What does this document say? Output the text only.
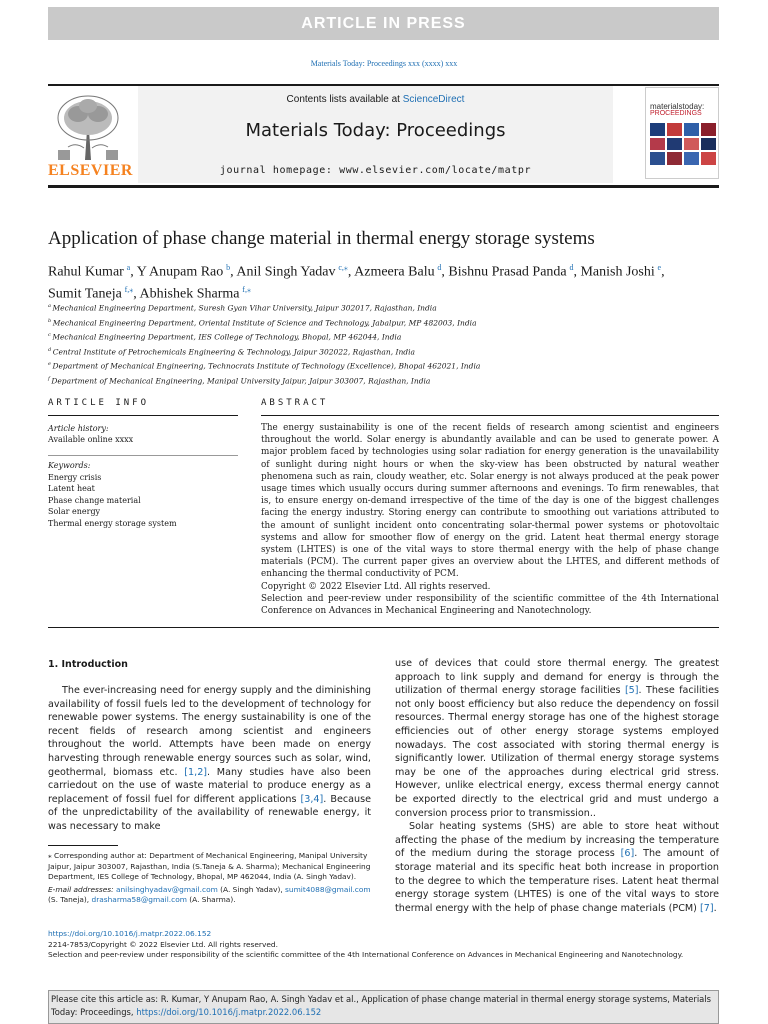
ARTICLE IN PRESS
Materials Today: Proceedings xxx (xxxx) xxx
ELSEVIER
Contents lists available at ScienceDirect
Materials Today: Proceedings
journal homepage: www.elsevier.com/locate/matpr
materialstoday:
PROCEEDINGS
Application of phase change material in thermal energy storage systems
Rahul Kumar  $^a$, Y Anupam Rao  $^b$, Anil Singh Yadav  $^{c,⁎}$, Azmeera Balu  $^d$, Bishnu Prasad Panda  $^d$, Manish Joshi  $^e$,
Sumit Taneja  $^{f,⁎}$, Abhishek Sharma  $^{f,⁎}$
$^a$  Mechanical Engineering Department, Suresh Gyan Vihar University, Jaipur 302017, Rajasthan, India
$^b$  Mechanical Engineering Department, Oriental Institute of Science and Technology, Jabalpur, MP 482003, India
$^c$  Mechanical Engineering Department, IES College of Technology, Bhopal, MP 462044, India
$^d$  Central Institute of Petrochemicals Engineering & Technology, Jaipur 302022, Rajasthan, India
$^e$  Department of Mechanical Engineering, Technocrats Institute of Technology (Excellence), Bhopal 462021, India
$^f$  Department of Mechanical Engineering, Manipal University Jaipur, Jaipur 303007, Rajasthan, India
ARTICLE INFO	ABSTRACT
Article history:
Available online xxxx
Keywords:
Energy crisis
Latent heat
Phase change material
Solar energy
Thermal energy storage system

The energy sustainability is one of the recent fields of research among scientist and engineers throughout the world. Solar energy is abundantly available and can be used to generate power. A major problem faced by technologies using solar radiation for energy generation is the unavailability of sunlight during night hours or when the sky-view has been obstructed by natural weather phenomena such as rain, cloudy weather, etc. Solar energy is not always produced at the peak power usage times which usually occurs during summer afternoons and evenings. To firm renewables, that is, to ensure energy on-demand irrespective of the time of the day is one of the biggest challenges facing the energy industry. Storing energy can contribute to smoothing out variations attributed to the amount of sunlight incident onto concentrating solar-thermal power systems or photovoltaic systems and allow for smoother flow of energy on the grid. Latent heat thermal energy storage system (LHTES) is one of the vital ways to store thermal energy with the help of phase change materials (PCM). The current paper gives an overview about the LHTES, and different methods of enhancing the thermal conductivity of PCM.

Copyright © 2022 Elsevier Ltd. All rights reserved.

Selection and peer-review under responsibility of the scientific committee of the 4th International Conference on Advances in Mechanical Engineering and Nanotechnology.

1. Introduction

The ever-increasing need for energy supply and the diminishing availability of fossil fuels led to the development of technology for renewable power systems. The energy sustainability is one of the recent fields of research among scientist and engineers throughout the world. Attempts have been made on energy harvesting through renewable energy sources such as solar, wind, geothermal, biomass etc. [1,2]. Many studies have also been carriedout on the use of waste material to produce energy as a replacement of fossil fuel for different applications [3,4]. Because of the unpredictability of the availability of renewable energy, it was necessary to make

use of devices that could store thermal energy. The greatest approach to link supply and demand for energy is through the utilization of thermal energy storage facilities [5]. These facilities not only boost efficiency but also reduce the dependency on fossil resources. Thermal energy storage has one of the highest storage efficiencies out of other energy storage systems employed nowadays. The cost associated with storing thermal energy is significantly lower. Utilization of thermal energy storage systems may be one of the approaches during electrical grid stress. However, unlike electrical energy, excess thermal energy cannot be exported directly to the electrical grid and must undergo a conversion process prior to transmission..

Solar heating systems (SHS) are able to store heat without affecting the phase of the medium by increasing the temperature of the medium during the storage process [6]. The amount of storage material and its specific heat both increase in proportion to the degree to which the temperature rises. Latent heat thermal energy storage system (LHTES) is one of the vital ways to store thermal energy with the help of phase change materials (PCM) [7].

⁎ Corresponding author at: Department of Mechanical Engineering, Manipal University Jaipur, Jaipur 303007, Rajasthan, India (S.Taneja & A. Sharma); Mechanical Engineering Department, IES College of Technology, Bhopal, MP 462044, India (A. Singh Yadav).

E-mail addresses: anilsinghyadav@gmail.com (A. Singh Yadav), sumit4088@gmail.com (S. Taneja), drasharma58@gmail.com (A. Sharma).

https://doi.org/10.1016/j.matpr.2022.06.152

2214-7853/Copyright © 2022 Elsevier Ltd. All rights reserved.

Selection and peer-review under responsibility of the scientific committee of the 4th International Conference on Advances in Mechanical Engineering and Nanotechnology.

Please cite this article as: R. Kumar, Y Anupam Rao, A. Singh Yadav et al., Application of phase change material in thermal energy storage systems, Materials Today: Proceedings, https://doi.org/10.1016/j.matpr.2022.06.152
